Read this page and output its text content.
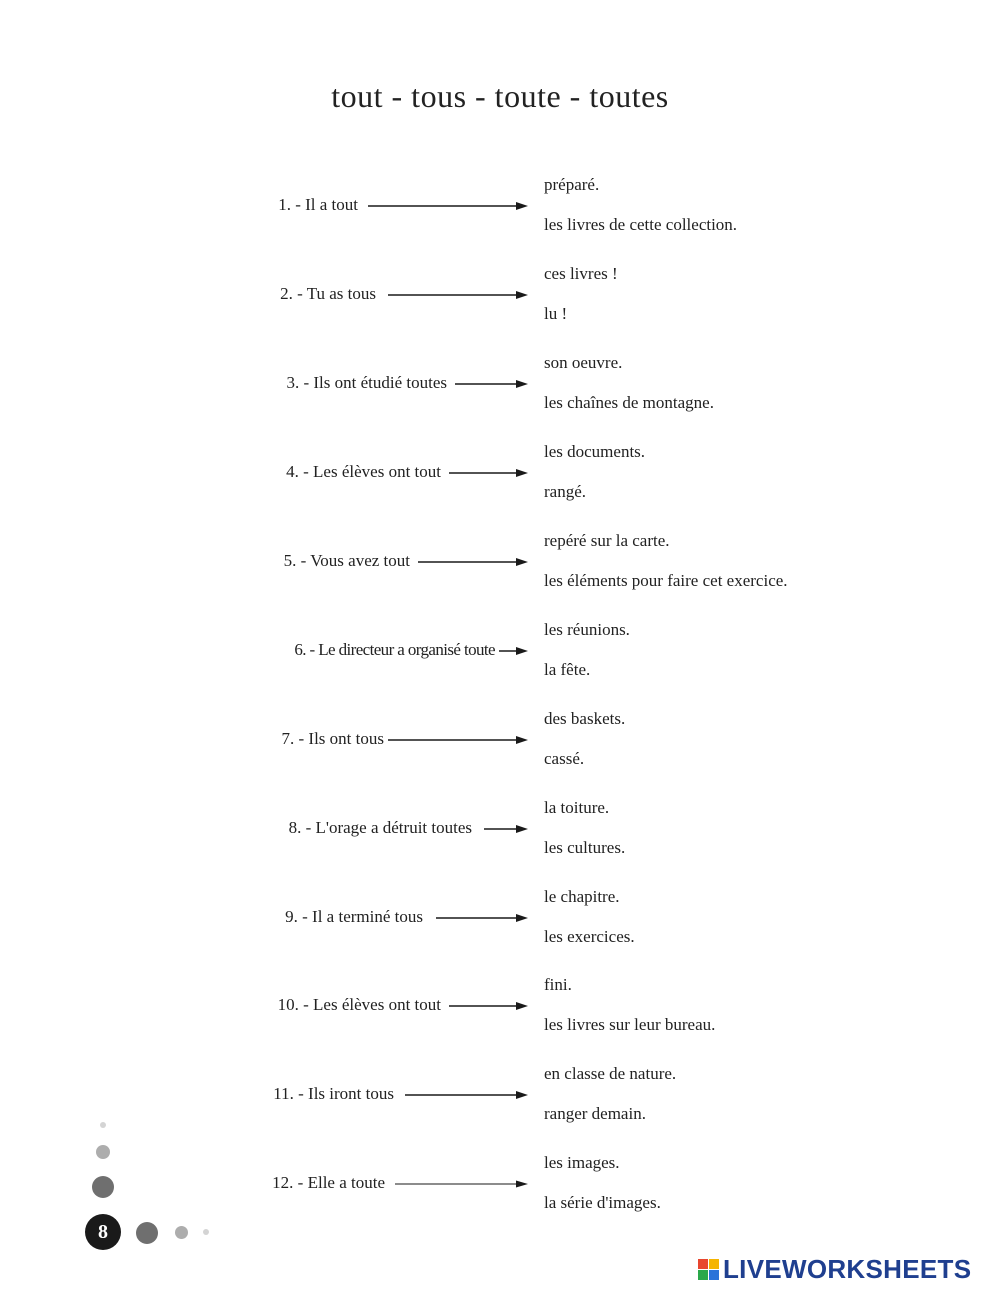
tout - tous - toute - toutes
1. - Il a tout
préparé.
les livres de cette collection.
2. - Tu as tous
ces livres !
lu !
3. - Ils ont étudié toutes
son oeuvre.
les chaînes de montagne.
4. - Les élèves ont tout
les documents.
rangé.
5. - Vous avez tout
repéré sur la carte.
les éléments pour faire cet exercice.
6. - Le directeur a organisé toute
les réunions.
la fête.
7. - Ils ont tous
des baskets.
cassé.
8. - L'orage a détruit toutes
la toiture.
les cultures.
9. - Il a terminé tous
le chapitre.
les exercices.
10. - Les élèves ont tout
fini.
les livres sur leur bureau.
11. - Ils iront tous
en classe de nature.
ranger demain.
12. - Elle a toute
les images.
la série d'images.
8
LIVEWORKSHEETS
